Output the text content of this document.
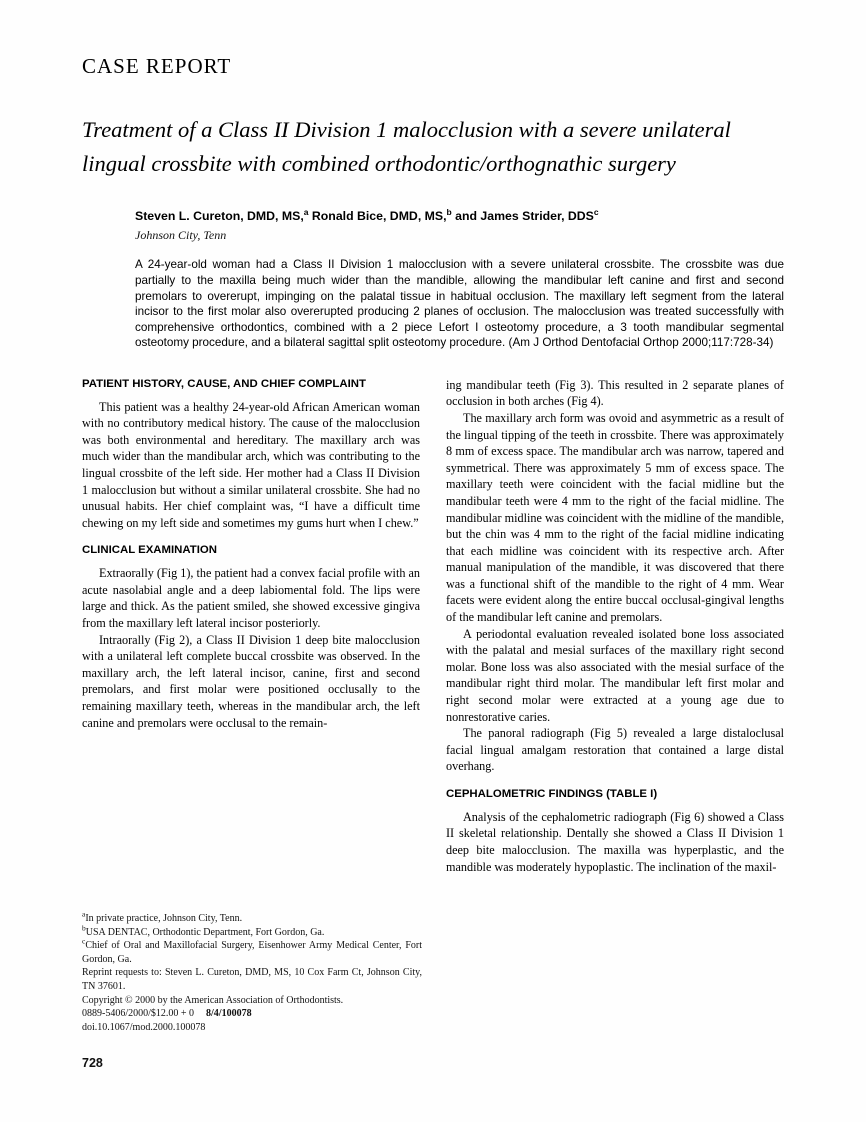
CASE REPORT
Treatment of a Class II Division 1 malocclusion with a severe unilateral lingual crossbite with combined orthodontic/orthognathic surgery

Steven L. Cureton, DMD, MS,$^a$ Ronald Bice, DMD, MS,$^b$ and James Strider, DDS$^c$

Johnson City, Tenn

A 24-year-old woman had a Class II Division 1 malocclusion with a severe unilateral crossbite. The crossbite was due partially to the maxilla being much wider than the mandible, allowing the mandibular left canine and first and second premolars to overerupt, impinging on the palatal tissue in habitual occlusion. The maxillary left segment from the lateral incisor to the first molar also overerupted producing 2 planes of occlusion. The malocclusion was treated successfully with comprehensive orthodontics, combined with a 2 piece Lefort I osteotomy procedure, a 3 tooth mandibular segmental osteotomy procedure, and a bilateral sagittal split osteotomy procedure. (Am J Orthod Dentofacial Orthop 2000;117:728-34)

PATIENT HISTORY, CAUSE, AND CHIEF COMPLAINT

This patient was a healthy 24-year-old African American woman with no contributory medical history. The cause of the malocclusion was both environmental and hereditary. The maxillary arch was much wider than the mandibular arch, which was contributing to the lingual crossbite of the left side. Her mother had a Class II Division 1 malocclusion but without a similar unilateral crossbite. She had no unusual habits. Her chief complaint was, “I have a difficult time chewing on my left side and sometimes my gums hurt when I chew.”

CLINICAL EXAMINATION

Extraorally (Fig 1), the patient had a convex facial profile with an acute nasolabial angle and a deep labiomental fold. The lips were large and thick. As the patient smiled, she showed excessive gingiva from the maxillary left lateral incisor posteriorly.

Intraorally (Fig 2), a Class II Division 1 deep bite malocclusion with a unilateral left complete buccal crossbite was observed. In the maxillary arch, the left lateral incisor, canine, first and second premolars, and first molar were positioned occlusally to the remaining maxillary teeth, whereas in the mandibular arch, the left canine and premolars were occlusal to the remain-

ing mandibular teeth (Fig 3). This resulted in 2 separate planes of occlusion in both arches (Fig 4).

The maxillary arch form was ovoid and asymmetric as a result of the lingual tipping of the teeth in crossbite. There was approximately 8 mm of excess space. The mandibular arch was narrow, tapered and symmetrical. There was approximately 5 mm of excess space. The maxillary teeth were coincident with the facial midline but the mandibular teeth were 4 mm to the right of the facial midline. The mandibular midline was coincident with the midline of the mandible, but the chin was 4 mm to the right of the facial midline indicating that each midline was coincident with its respective arch. After manual manipulation of the mandible, it was discovered that there was a functional shift of the mandible to the right of 4 mm. Wear facets were evident along the entire buccal occlusal-gingival lengths of the mandibular left canine and premolars.

A periodontal evaluation revealed isolated bone loss associated with the palatal and mesial surfaces of the maxillary right second molar. Bone loss was also associated with the mesial surface of the mandibular right third molar. The mandibular left first molar and right second molar were extracted at a young age due to nonrestorative caries.

The panoral radiograph (Fig 5) revealed a large distaloclusal facial lingual amalgam restoration that contained a large distal overhang.

CEPHALOMETRIC FINDINGS (TABLE I)

Analysis of the cephalometric radiograph (Fig 6) showed a Class II skeletal relationship. Dentally she showed a Class II Division 1 deep bite malocclusion. The maxilla was hyperplastic, and the mandible was moderately hypoplastic. The inclination of the maxil-

$^a$In private practice, Johnson City, Tenn.

$^b$USA DENTAC, Orthodontic Department, Fort Gordon, Ga.

$^c$Chief of Oral and Maxillofacial Surgery, Eisenhower Army Medical Center, Fort Gordon, Ga.

Reprint requests to: Steven L. Cureton, DMD, MS, 10 Cox Farm Ct, Johnson City, TN 37601.

Copyright © 2000 by the American Association of Orthodontists.

0889-5406/2000/$12.00 + 0 8/4/100078

doi.10.1067/mod.2000.100078

728
